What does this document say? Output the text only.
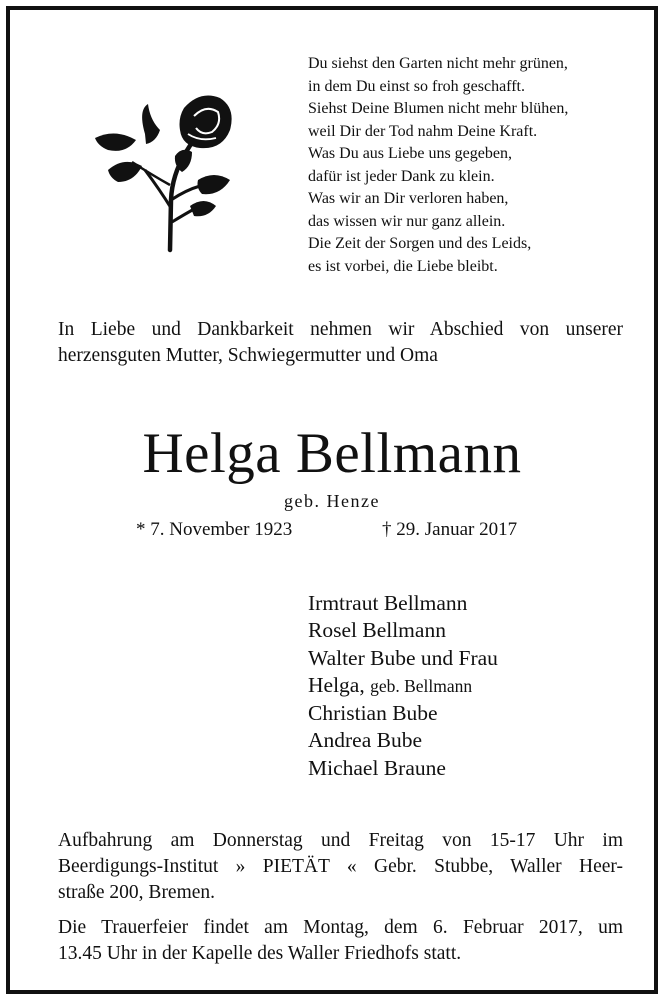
Du siehst den Garten nicht mehr grünen,
in dem Du einst so froh geschafft.
Siehst Deine Blumen nicht mehr blühen,
weil Dir der Tod nahm Deine Kraft.
Was Du aus Liebe uns gegeben,
dafür ist jeder Dank zu klein.
Was wir an Dir verloren haben,
das wissen wir nur ganz allein.
Die Zeit der Sorgen und des Leids,
es ist vorbei, die Liebe bleibt.
In Liebe und Dankbarkeit nehmen wir Abschied von unserer
herzensguten Mutter, Schwiegermutter und Oma
Helga Bellmann
geb. Henze
* 7. November 1923	† 29. Januar 2017
Irmtraut Bellmann
Rosel Bellmann
Walter Bube und Frau
Helga, geb. Bellmann
Christian Bube
Andrea Bube
Michael Braune
Aufbahrung am Donnerstag und Freitag von 15-17 Uhr im
Beerdigungs-Institut » PIETÄT « Gebr. Stubbe, Waller Heer-
straße 200, Bremen.
Die Trauerfeier findet am Montag, dem 6. Februar 2017, um
13.45 Uhr in der Kapelle des Waller Friedhofs statt.
